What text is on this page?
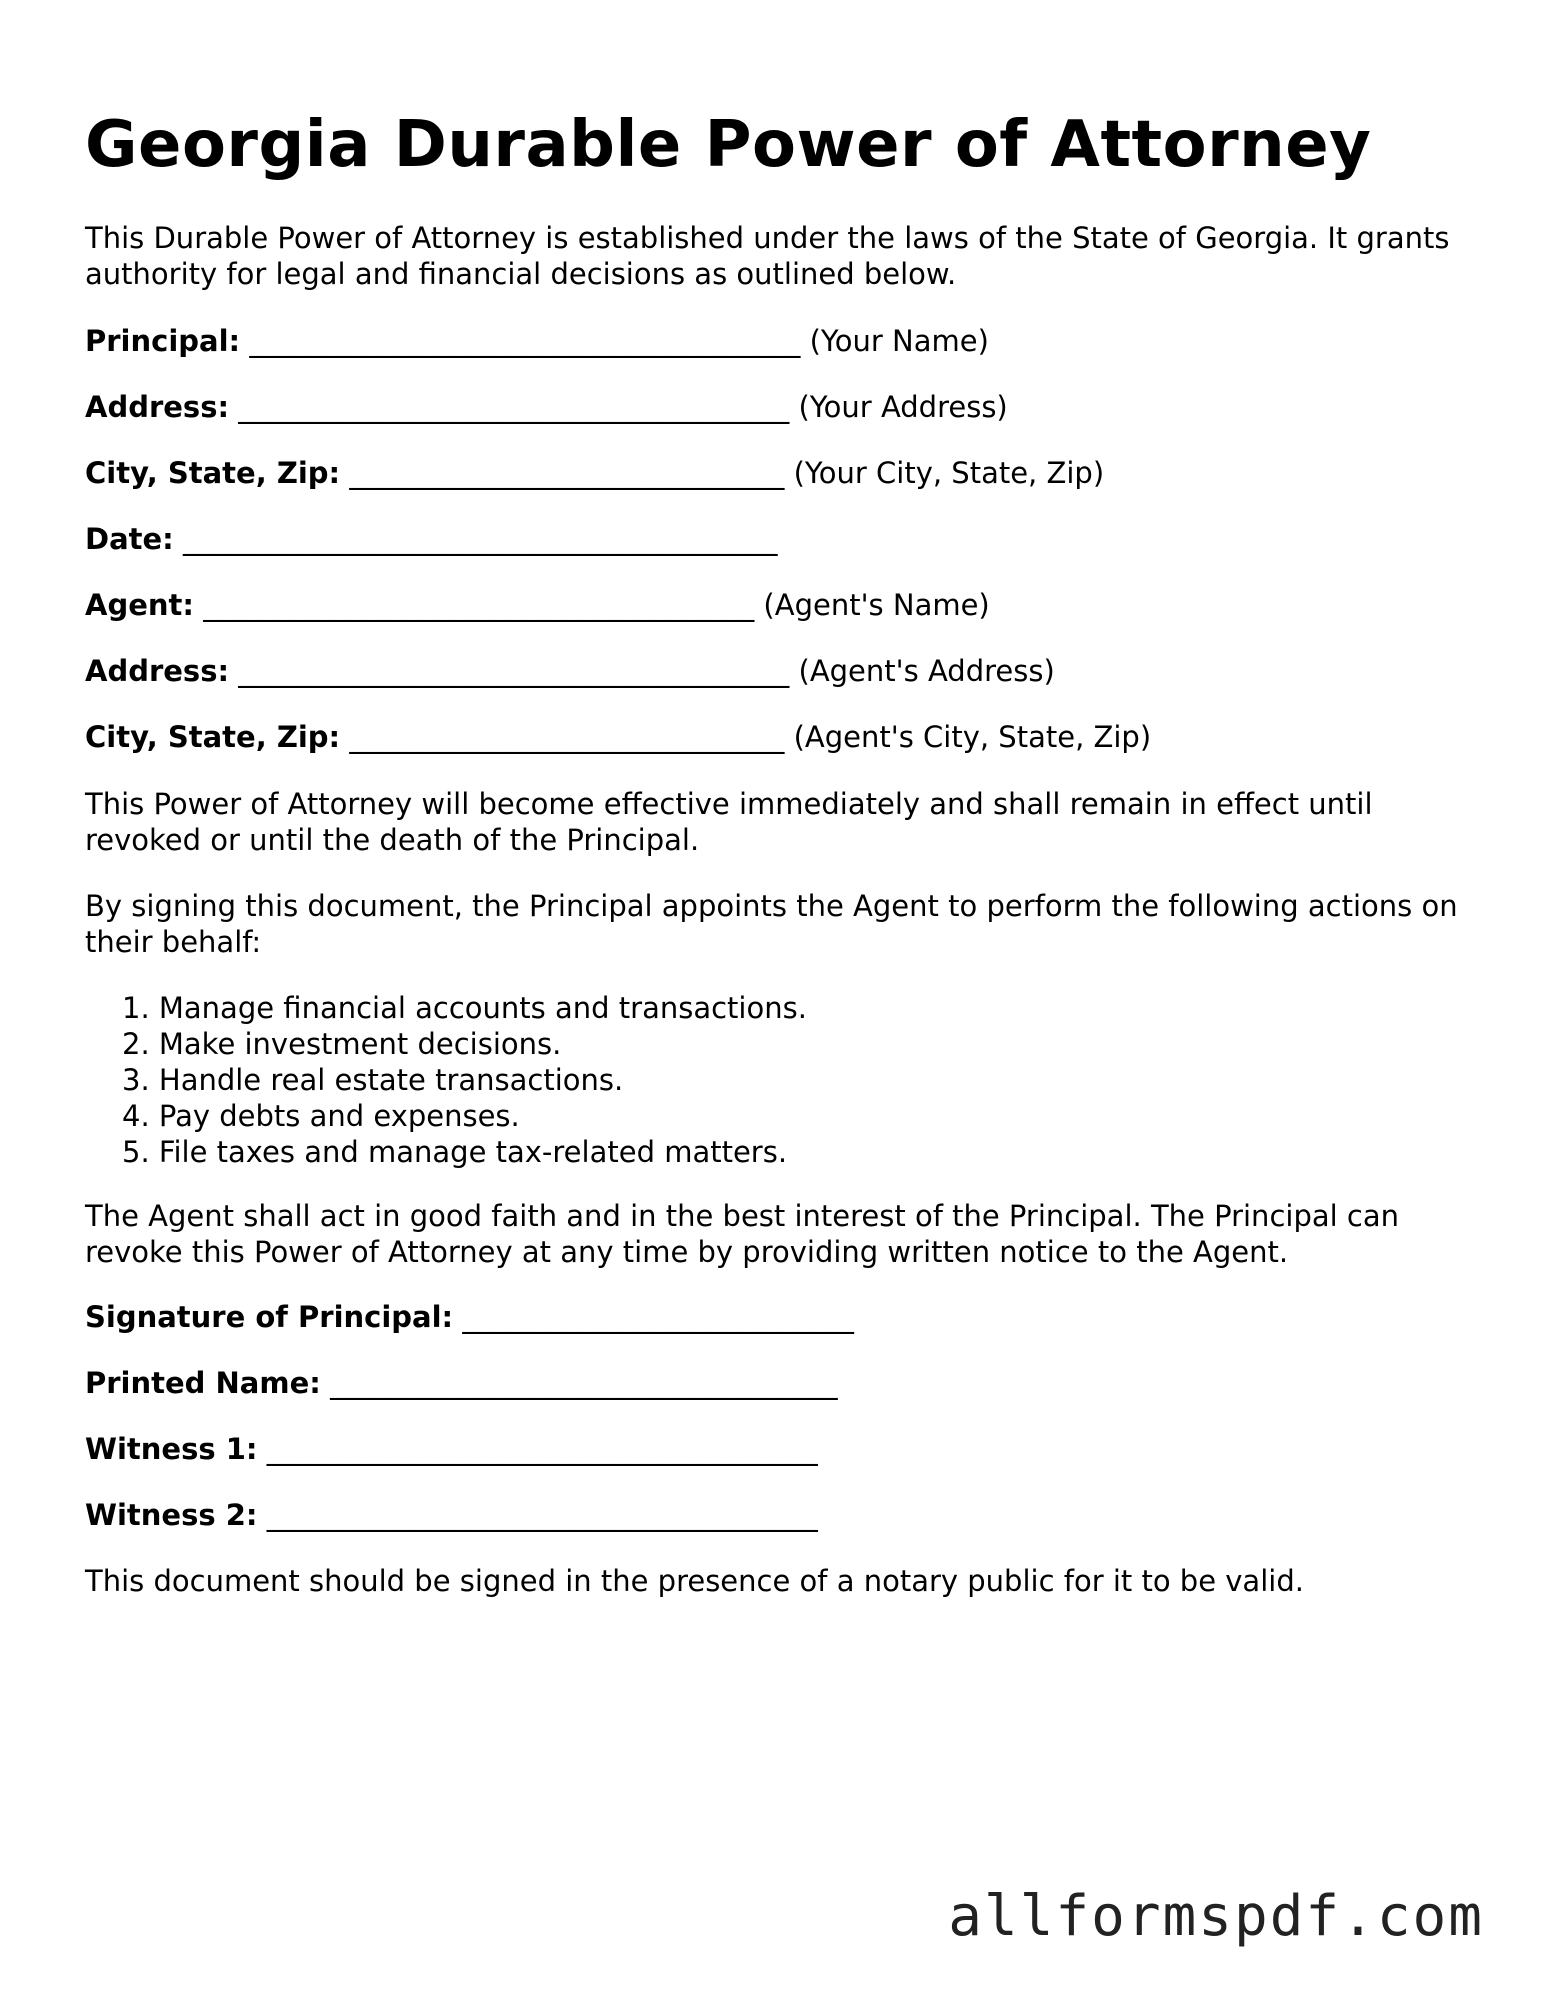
Georgia Durable Power of Attorney

This Durable Power of Attorney is established under the laws of the State of Georgia. It grants authority for legal and financial decisions as outlined below.

Principal: ______________________________________ (Your Name)
Address: ______________________________________ (Your Address)
City, State, Zip: ______________________________ (Your City, State, Zip)
Date: _________________________________________
Agent: ______________________________________ (Agent's Name)
Address: ______________________________________ (Agent's Address)
City, State, Zip: ______________________________ (Agent's City, State, Zip)

This Power of Attorney will become effective immediately and shall remain in effect until revoked or until the death of the Principal.

By signing this document, the Principal appoints the Agent to perform the following actions on their behalf:

1. Manage financial accounts and transactions.
2. Make investment decisions.
3. Handle real estate transactions.
4. Pay debts and expenses.
5. File taxes and manage tax-related matters.

The Agent shall act in good faith and in the best interest of the Principal. The Principal can revoke this Power of Attorney at any time by providing written notice to the Agent.

Signature of Principal: ___________________________
Printed Name: ___________________________________
Witness 1: ______________________________________
Witness 2: ______________________________________

This document should be signed in the presence of a notary public for it to be valid.

allformspdf.com
